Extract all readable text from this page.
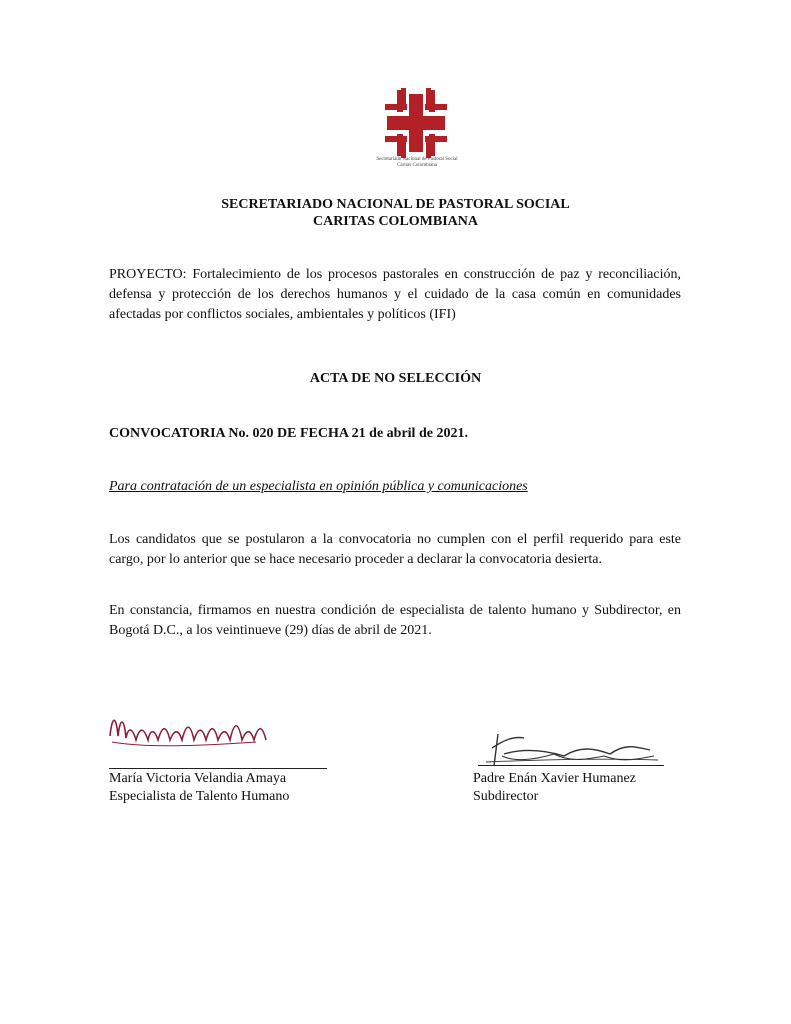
Secretariado Nacional de Pastoral Social
Cáritas Colombiana
SECRETARIADO NACIONAL DE PASTORAL SOCIAL
CARITAS COLOMBIANA
PROYECTO: Fortalecimiento de los procesos pastorales en construcción de paz y reconciliación, defensa y protección de los derechos humanos y el cuidado de la casa común en comunidades afectadas por conflictos sociales, ambientales y políticos (IFI)
ACTA DE NO SELECCIÓN
CONVOCATORIA No. 020 DE FECHA 21 de abril de 2021.
Para contratación de un especialista en opinión pública y comunicaciones
Los candidatos que se postularon a la convocatoria no cumplen con el perfil requerido para este cargo, por lo anterior que se hace necesario proceder a declarar la convocatoria desierta.
En constancia, firmamos en nuestra condición de especialista de talento humano y Subdirector, en Bogotá D.C., a los veintinueve (29) días de abril de 2021.
María Victoria Velandia Amaya
Especialista de Talento Humano
Padre Enán Xavier Humanez
Subdirector
